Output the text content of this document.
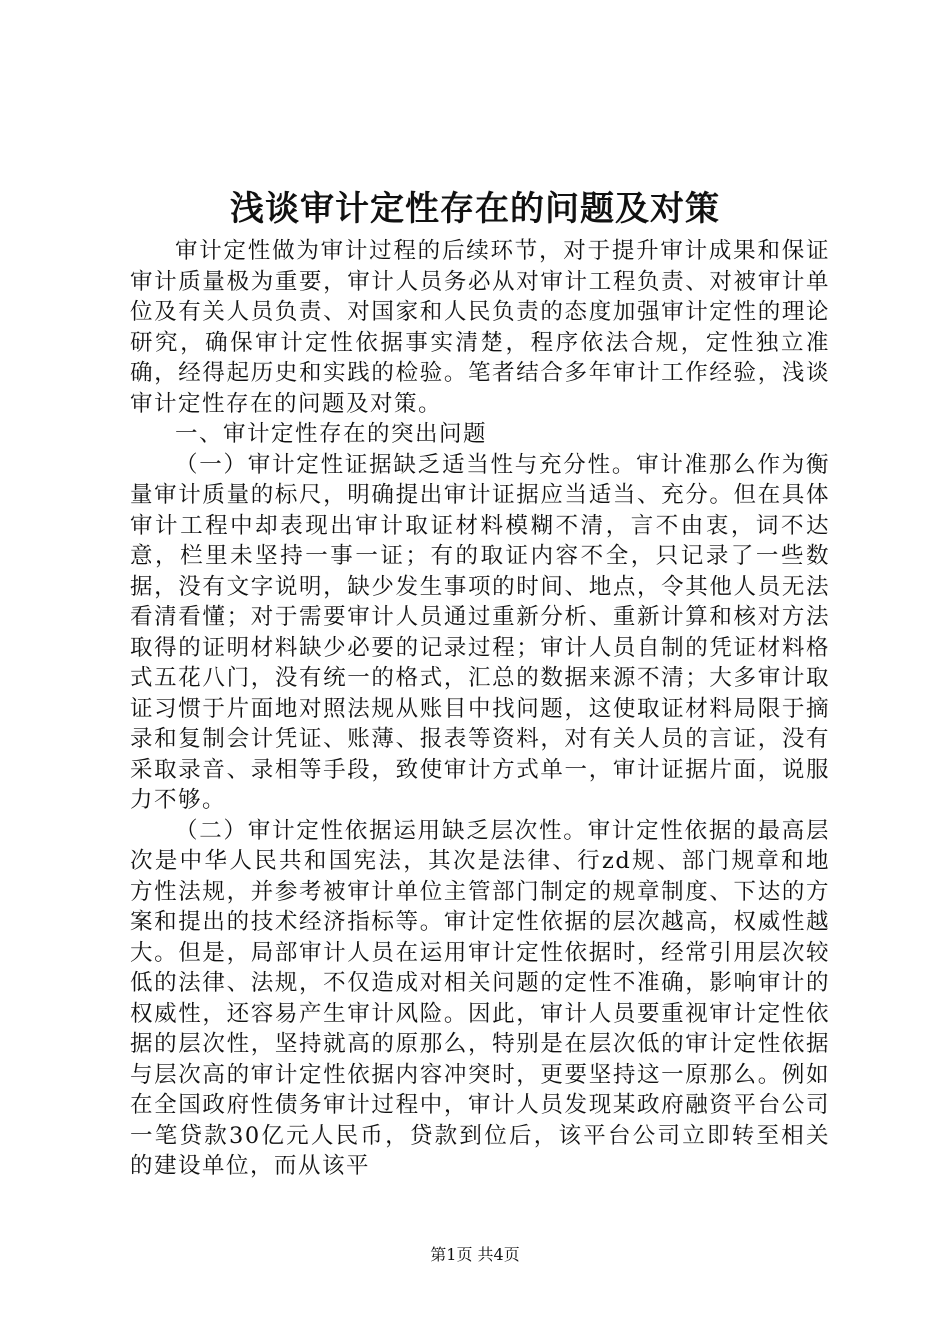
浅谈审计定性存在的问题及对策

审计定性做为审计过程的后续环节，对于提升审计成果和保证审计质量极为重要，审计人员务必从对审计工程负责、对被审计单位及有关人员负责、对国家和人民负责的态度加强审计定性的理论研究，确保审计定性依据事实清楚，程序依法合规，定性独立准确，经得起历史和实践的检验。笔者结合多年审计工作经验，浅谈审计定性存在的问题及对策。

一、审计定性存在的突出问题

（一）审计定性证据缺乏适当性与充分性。审计准那么作为衡量审计质量的标尺，明确提出审计证据应当适当、充分。但在具体审计工程中却表现出审计取证材料模糊不清，言不由衷，词不达意，栏里未坚持一事一证；有的取证内容不全，只记录了一些数据，没有文字说明，缺少发生事项的时间、地点，令其他人员无法看清看懂；对于需要审计人员通过重新分析、重新计算和核对方法取得的证明材料缺少必要的记录过程；审计人员自制的凭证材料格式五花八门，没有统一的格式，汇总的数据来源不清；大多审计取证习惯于片面地对照法规从账目中找问题，这使取证材料局限于摘录和复制会计凭证、账薄、报表等资料，对有关人员的言证，没有采取录音、录相等手段，致使审计方式单一，审计证据片面，说服力不够。

（二）审计定性依据运用缺乏层次性。审计定性依据的最高层次是中华人民共和国宪法，其次是法律、行zd规、部门规章和地方性法规，并参考被审计单位主管部门制定的规章制度、下达的方案和提出的技术经济指标等。审计定性依据的层次越高，权威性越大。但是，局部审计人员在运用审计定性依据时，经常引用层次较低的法律、法规，不仅造成对相关问题的定性不准确，影响审计的权威性，还容易产生审计风险。因此，审计人员要重视审计定性依据的层次性，坚持就高的原那么，特别是在层次低的审计定性依据与层次高的审计定性依据内容冲突时，更要坚持这一原那么。例如在全国政府性债务审计过程中，审计人员发现某政府融资平台公司一笔贷款30亿元人民币，贷款到位后，该平台公司立即转至相关的建设单位，而从该平

第1页 共4页
